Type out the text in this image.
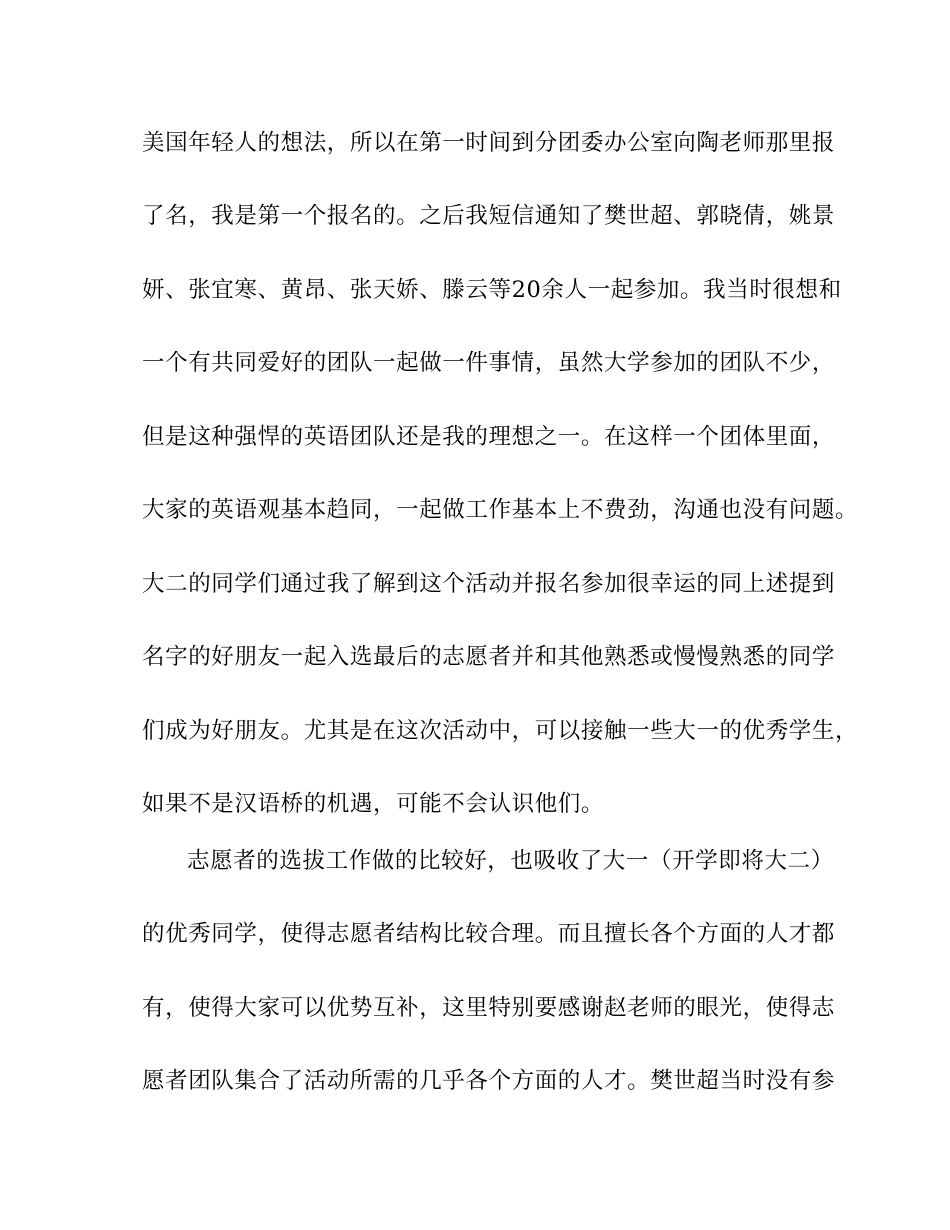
美国年轻人的想法，所以在第一时间到分团委办公室向陶老师那里报
了名，我是第一个报名的。之后我短信通知了樊世超、郭晓倩，姚景
妍、张宜寒、黄昂、张天娇、滕云等20余人一起参加。我当时很想和
一个有共同爱好的团队一起做一件事情，虽然大学参加的团队不少，
但是这种强悍的英语团队还是我的理想之一。在这样一个团体里面，
大家的英语观基本趋同，一起做工作基本上不费劲，沟通也没有问题。
大二的同学们通过我了解到这个活动并报名参加很幸运的同上述提到
名字的好朋友一起入选最后的志愿者并和其他熟悉或慢慢熟悉的同学
们成为好朋友。尤其是在这次活动中，可以接触一些大一的优秀学生，
如果不是汉语桥的机遇，可能不会认识他们。
志愿者的选拔工作做的比较好，也吸收了大一（开学即将大二）
的优秀同学，使得志愿者结构比较合理。而且擅长各个方面的人才都
有，使得大家可以优势互补，这里特别要感谢赵老师的眼光，使得志
愿者团队集合了活动所需的几乎各个方面的人才。樊世超当时没有参
